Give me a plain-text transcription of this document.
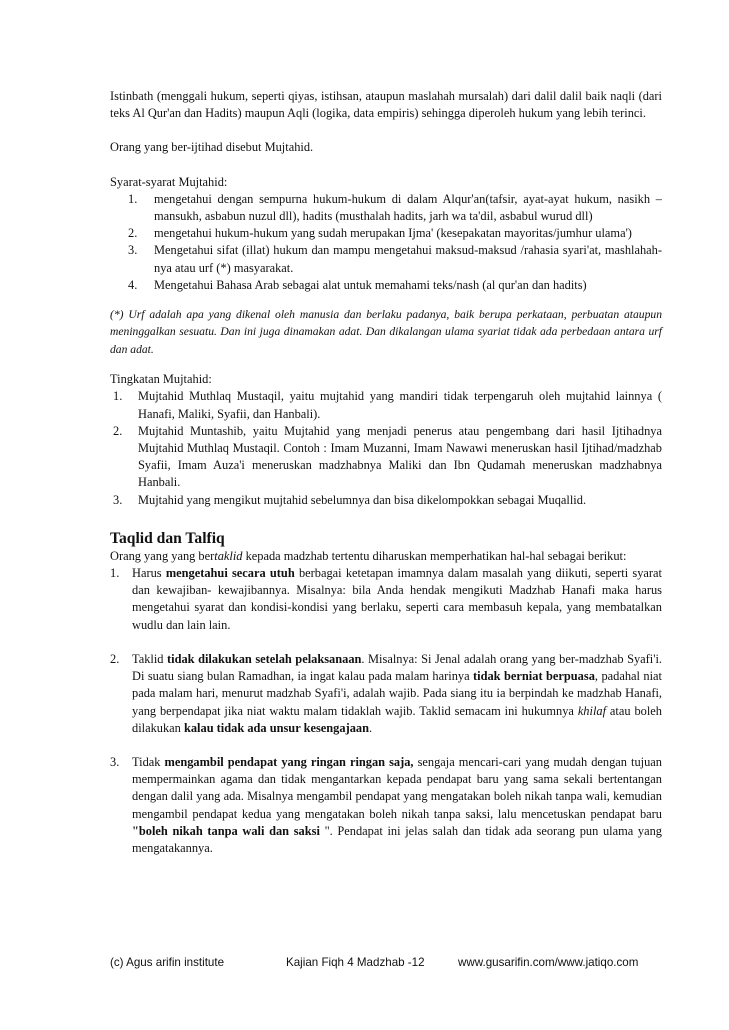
Istinbath (menggali hukum, seperti qiyas, istihsan, ataupun maslahah mursalah) dari dalil dalil baik naqli (dari teks Al Qur'an dan Hadits) maupun Aqli (logika, data empiris) sehingga diperoleh hukum yang lebih terinci.

Orang yang ber-ijtihad disebut Mujtahid.

Syarat-syarat Mujtahid:

1.	mengetahui dengan sempurna hukum-hukum di dalam Alqur'an(tafsir, ayat-ayat hukum, nasikh –mansukh, asbabun nuzul dll), hadits (musthalah hadits, jarh wa ta'dil, asbabul wurud dll)
2.	mengetahui hukum-hukum yang sudah merupakan Ijma' (kesepakatan mayoritas/jumhur ulama')
3.	Mengetahui sifat (illat) hukum dan mampu mengetahui maksud-maksud /rahasia syari'at, mashlahah-nya atau urf (*) masyarakat.
4.	Mengetahui Bahasa Arab sebagai alat untuk memahami teks/nash (al qur'an dan hadits)

(*) Urf adalah apa yang dikenal oleh manusia dan berlaku padanya, baik berupa perkataan, perbuatan ataupun meninggalkan sesuatu. Dan ini juga dinamakan adat. Dan dikalangan ulama syariat tidak ada perbedaan antara urf dan adat.

Tingkatan Mujtahid:

1.	Mujtahid Muthlaq Mustaqil, yaitu mujtahid yang mandiri tidak terpengaruh oleh mujtahid lainnya ( Hanafi, Maliki, Syafii, dan Hanbali).
2.	Mujtahid Muntashib, yaitu Mujtahid yang menjadi penerus atau pengembang dari hasil Ijtihadnya Mujtahid Muthlaq Mustaqil. Contoh : Imam Muzanni, Imam Nawawi meneruskan hasil Ijtihad/madzhab Syafii, Imam Auza'i meneruskan madzhabnya Maliki dan Ibn Qudamah meneruskan madzhabnya Hanbali.
3.	Mujtahid yang mengikut mujtahid sebelumnya dan bisa dikelompokkan sebagai Muqallid.
Taqlid dan Talfiq

Orang yang yang bertaklid kepada madzhab tertentu diharuskan memperhatikan hal-hal sebagai berikut:

1.	Harus mengetahui secara utuh berbagai ketetapan imamnya dalam masalah yang diikuti, seperti syarat dan kewajiban- kewajibannya. Misalnya: bila Anda hendak mengikuti Madzhab Hanafi maka harus mengetahui syarat dan kondisi-kondisi yang berlaku, seperti cara membasuh kepala, yang membatalkan wudlu dan lain lain.
2.	Taklid tidak dilakukan setelah pelaksanaan. Misalnya: Si Jenal adalah orang yang ber-madzhab Syafi'i. Di suatu siang bulan Ramadhan, ia ingat kalau pada malam harinya tidak berniat berpuasa, padahal niat pada malam hari, menurut madzhab Syafi'i, adalah wajib. Pada siang itu ia berpindah ke madzhab Hanafi, yang berpendapat jika niat waktu malam tidaklah wajib. Taklid semacam ini hukumnya khilaf atau boleh dilakukan kalau tidak ada unsur kesengajaan.
3.	Tidak mengambil pendapat yang ringan ringan saja, sengaja mencari-cari yang mudah dengan tujuan mempermainkan agama dan tidak mengantarkan kepada pendapat baru yang sama sekali bertentangan dengan dalil yang ada. Misalnya mengambil pendapat yang mengatakan boleh nikah tanpa wali, kemudian mengambil pendapat kedua yang mengatakan boleh nikah tanpa saksi, lalu mencetuskan pendapat baru "boleh nikah tanpa wali dan saksi ". Pendapat ini jelas salah dan tidak ada seorang pun ulama yang mengatakannya.
(c) Agus arifin institute	Kajian Fiqh 4 Madzhab -12	www.gusarifin.com/www.jatiqo.com
